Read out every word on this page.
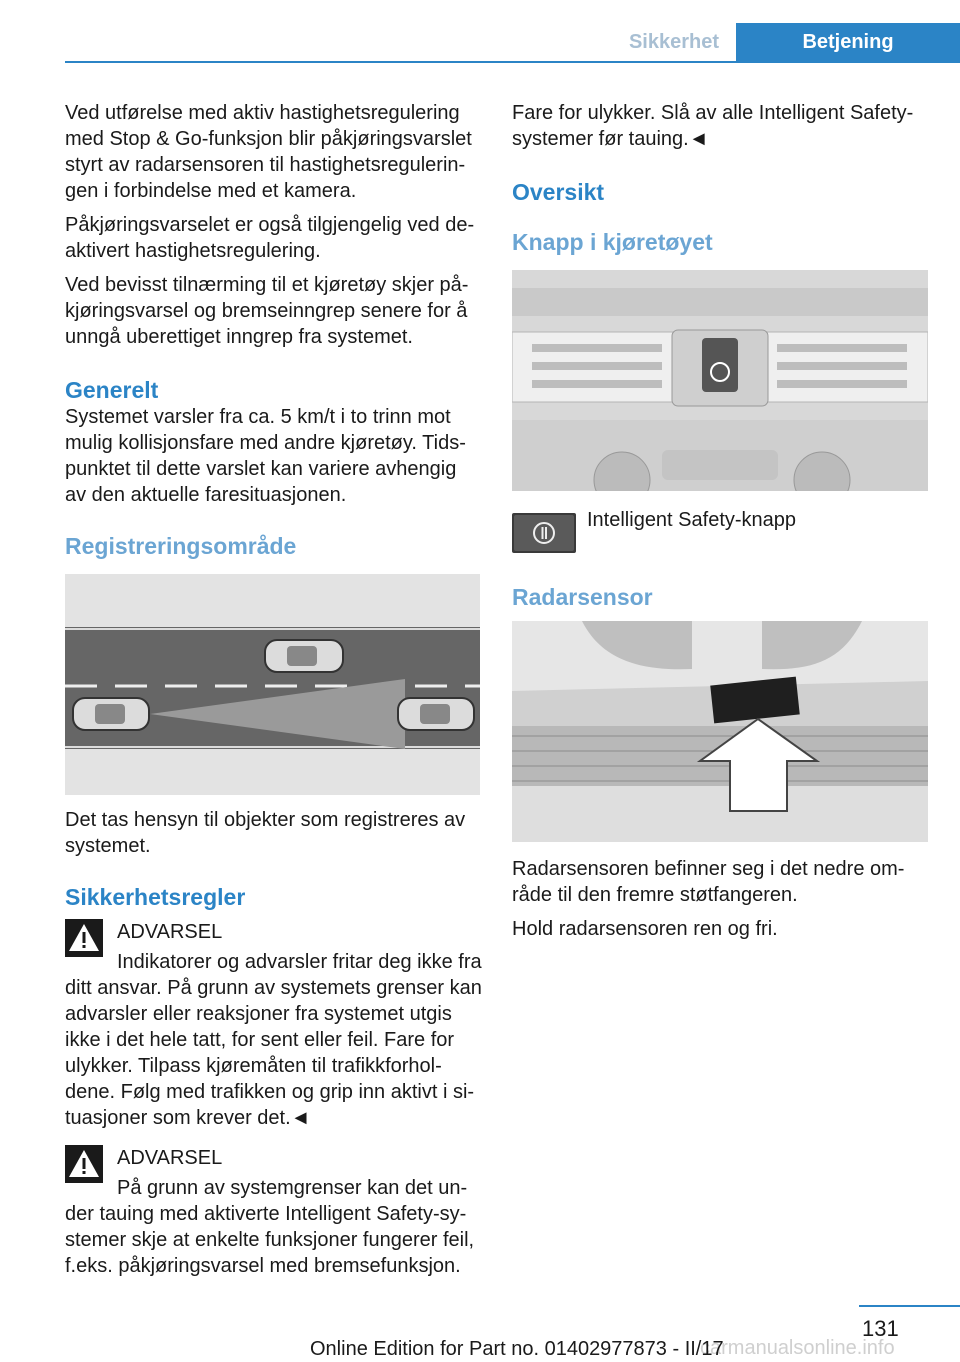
Sikkerhet	Betjening

Ved utførelse med aktiv hastighetsregulering med Stop & Go-funksjon blir påkjøringsvarslet styrt av radarsensoren til hastighetsregulerin‐ gen i forbindelse med et kamera.

Påkjøringsvarselet er også tilgjengelig ved de‐ aktivert hastighetsregulering.

Ved bevisst tilnærming til et kjøretøy skjer på‐ kjøringsvarsel og bremseinngrep senere for å unngå uberettiget inngrep fra systemet.

Generelt

Systemet varsler fra ca. 5 km/t i to trinn mot mulig kollisjonsfare med andre kjøretøy. Tids‐ punktet til dette varslet kan variere avhengig av den aktuelle faresituasjonen.

Registreringsområde

Det tas hensyn til objekter som registreres av systemet.

Sikkerhetsregler

ADVARSEL

Indikatorer og advarsler fritar deg ikke fra ditt ansvar. På grunn av systemets grenser kan advarsler eller reaksjoner fra systemet utgis ikke i det hele tatt, for sent eller feil. Fare for ulykker. Tilpass kjøremåten til trafikkforhol‐ dene. Følg med trafikken og grip inn aktivt i si‐ tuasjoner som krever det.◄

ADVARSEL

På grunn av systemgrenser kan det un‐ der tauing med aktiverte Intelligent Safety-sy‐ stemer skje at enkelte funksjoner fungerer feil, f.eks. påkjøringsvarsel med bremsefunksjon.

Fare for ulykker. Slå av alle Intelligent Safety-systemer før tauing.◄

Oversikt
Knapp i kjøretøyet

Intelligent Safety-knapp

Radarsensor

Radarsensoren befinner seg i det nedre om‐ råde til den fremre støtfangeren.

Hold radarsensoren ren og fri.

131
carmanualsonline.info
Online Edition for Part no. 01402977873 - II/17
